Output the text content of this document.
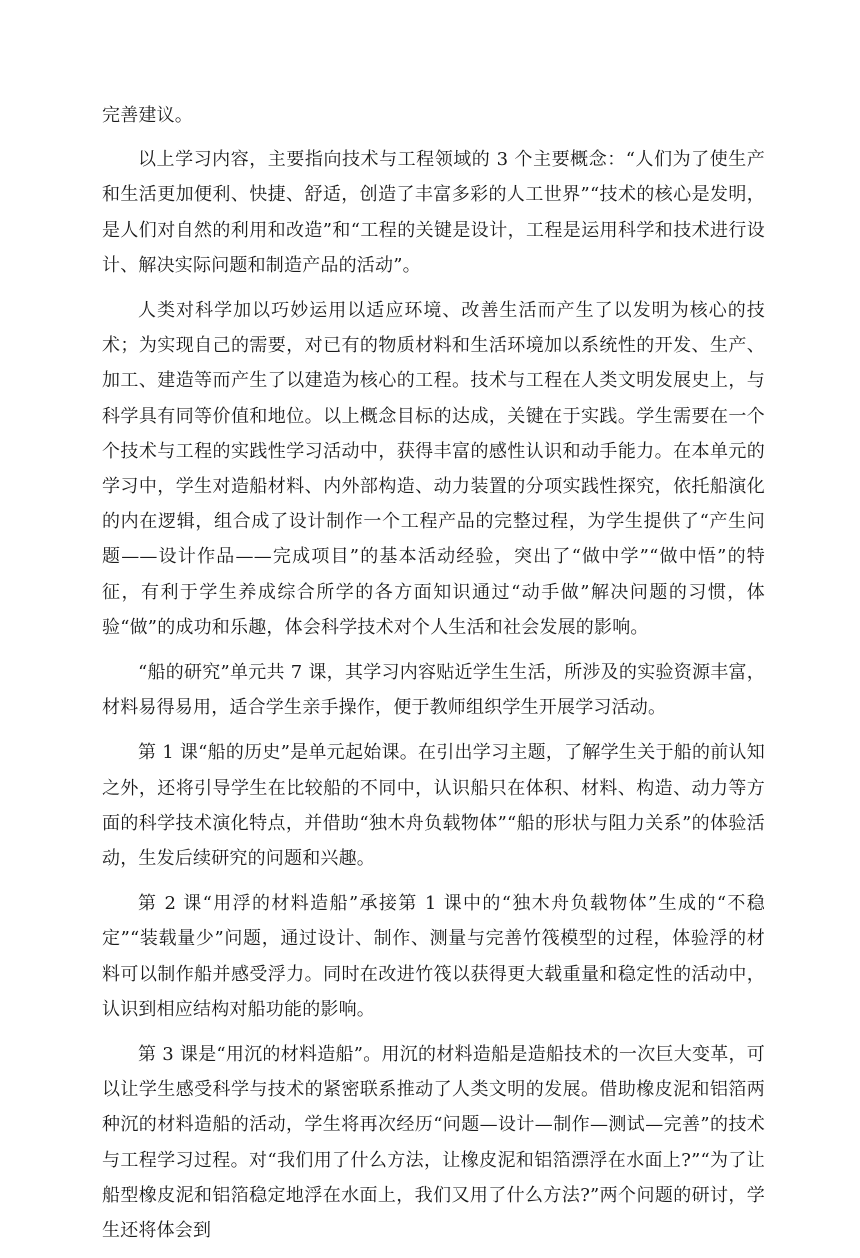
完善建议。

以上学习内容，主要指向技术与工程领域的 3 个主要概念：“人们为了使生产和生活更加便利、快捷、舒适，创造了丰富多彩的人工世界”“技术的核心是发明，是人们对自然的利用和改造”和“工程的关键是设计，工程是运用科学和技术进行设计、解决实际问题和制造产品的活动”。

人类对科学加以巧妙运用以适应环境、改善生活而产生了以发明为核心的技术；为实现自己的需要，对已有的物质材料和生活环境加以系统性的开发、生产、加工、建造等而产生了以建造为核心的工程。技术与工程在人类文明发展史上，与科学具有同等价值和地位。以上概念目标的达成，关键在于实践。学生需要在一个个技术与工程的实践性学习活动中，获得丰富的感性认识和动手能力。在本单元的学习中，学生对造船材料、内外部构造、动力装置的分项实践性探究，依托船演化的内在逻辑，组合成了设计制作一个工程产品的完整过程，为学生提供了“产生问题——设计作品——完成项目”的基本活动经验，突出了“做中学”“做中悟”的特征，有利于学生养成综合所学的各方面知识通过“动手做”解决问题的习惯，体验“做”的成功和乐趣，体会科学技术对个人生活和社会发展的影响。

“船的研究”单元共 7 课，其学习内容贴近学生生活，所涉及的实验资源丰富，材料易得易用，适合学生亲手操作，便于教师组织学生开展学习活动。

第 1 课“船的历史”是单元起始课。在引出学习主题，了解学生关于船的前认知之外，还将引导学生在比较船的不同中，认识船只在体积、材料、构造、动力等方面的科学技术演化特点，并借助“独木舟负载物体”“船的形状与阻力关系”的体验活动，生发后续研究的问题和兴趣。

第 2 课“用浮的材料造船”承接第 1 课中的“独木舟负载物体”生成的“不稳定”“装载量少”问题，通过设计、制作、测量与完善竹筏模型的过程，体验浮的材料可以制作船并感受浮力。同时在改进竹筏以获得更大载重量和稳定性的活动中，认识到相应结构对船功能的影响。

第 3 课是“用沉的材料造船”。用沉的材料造船是造船技术的一次巨大变革，可以让学生感受科学与技术的紧密联系推动了人类文明的发展。借助橡皮泥和铝箔两种沉的材料造船的活动，学生将再次经历“问题—设计—制作—测试—完善”的技术与工程学习过程。对“我们用了什么方法，让橡皮泥和铝箔漂浮在水面上?”“为了让船型橡皮泥和铝箔稳定地浮在水面上，我们又用了什么方法?”两个问题的研讨，学生还将体会到
